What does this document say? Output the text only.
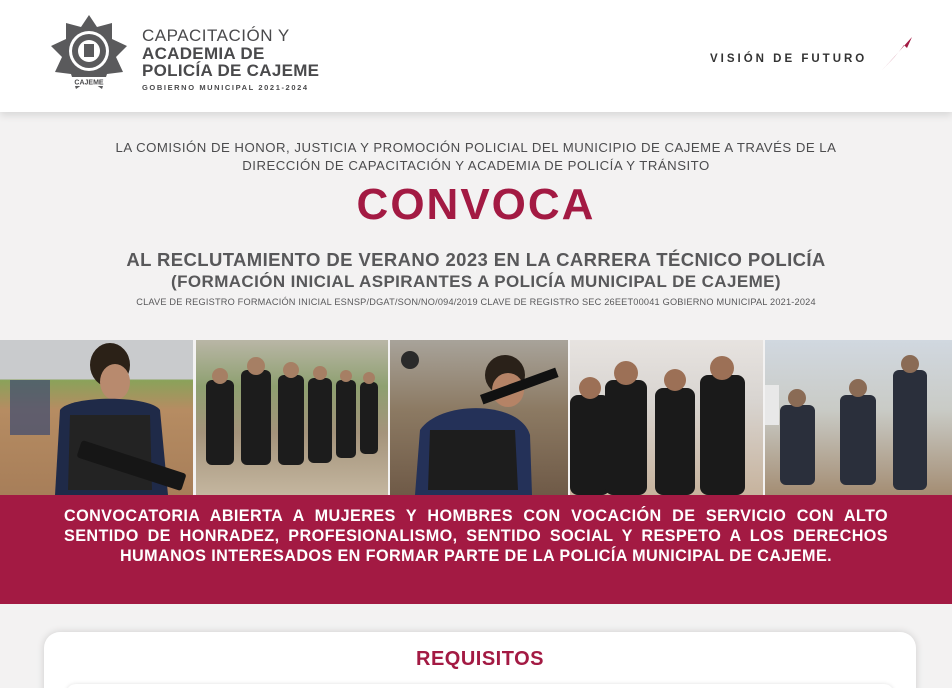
CAJEME
CAPACITACIÓN Y
ACADEMIA DE
POLICÍA DE CAJEME
GOBIERNO MUNICIPAL 2021-2024
VISIÓN DE FUTURO
LA COMISIÓN DE HONOR, JUSTICIA Y PROMOCIÓN POLICIAL DEL MUNICIPIO DE CAJEME A TRAVÉS DE LA
DIRECCIÓN DE CAPACITACIÓN Y ACADEMIA DE POLICÍA Y TRÁNSITO
CONVOCA
AL RECLUTAMIENTO DE VERANO 2023 EN LA CARRERA TÉCNICO POLICÍA
(FORMACIÓN INICIAL ASPIRANTES A POLICÍA MUNICIPAL DE CAJEME)
CLAVE DE REGISTRO FORMACIÓN INICIAL ESNSP/DGAT/SON/NO/094/2019 CLAVE DE REGISTRO SEC 26EET00041 GOBIERNO MUNICIPAL 2021-2024
CONVOCATORIA ABIERTA A MUJERES Y HOMBRES CON VOCACIÓN DE SERVICIO CON ALTO SENTIDO DE HONRADEZ, PROFESIONALISMO, SENTIDO SOCIAL Y RESPETO A LOS DERECHOS HUMANOS INTERESADOS EN FORMAR PARTE DE LA POLICÍA MUNICIPAL DE CAJEME.
REQUISITOS
